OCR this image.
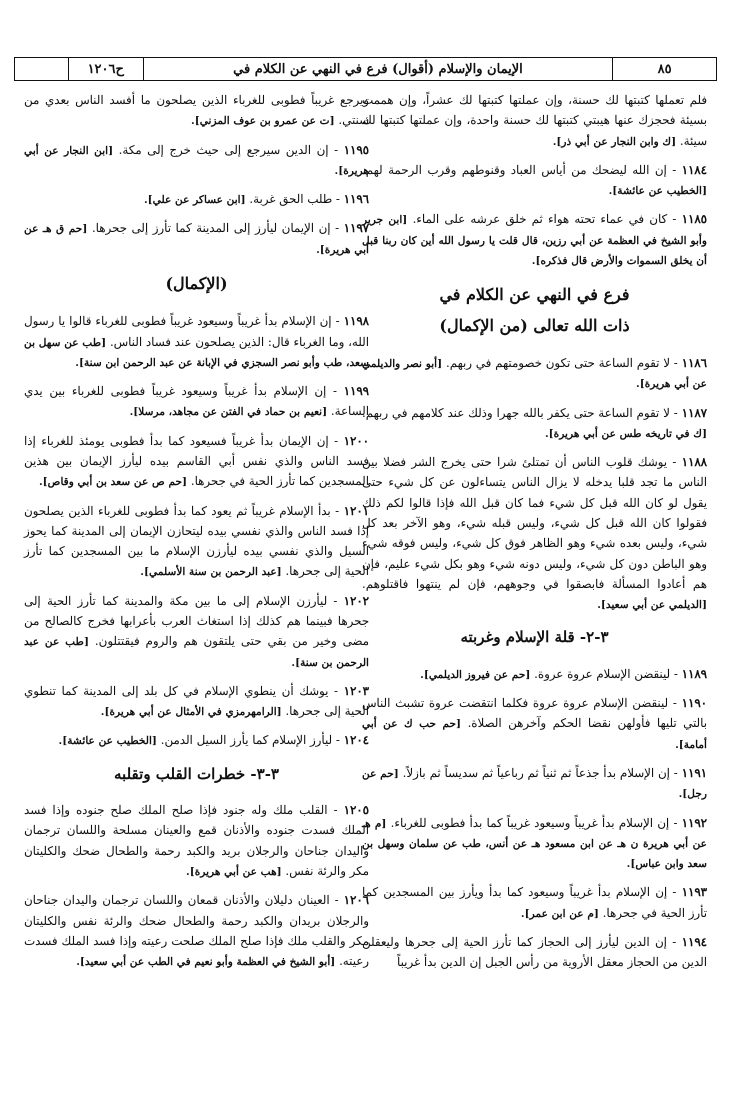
ح١٢٠٦	الإيمان والإسلام (أقوال) فرع في النهي عن الكلام في	٨٥

فلم تعملها كتبتها لك حسنة، وإن عملتها كتبتها لك عشراً، وإن هممت بسيئة فحجزك عنها هيبتي كتبتها لك حسنة واحدة، وإن عملتها كتبتها لك سيئة. [ك وابن النجار عن أبي ذر].

١١٨٤ - إن الله ليضحك من أياس العباد وقنوطهم وقرب الرحمة لهم. [الخطيب عن عائشة].

١١٨٥ - كان في عماء تحته هواء ثم خلق عرشه على الماء. [ابن جرير وأبو الشيخ في العظمة عن أبي رزين، قال قلت يا رسول الله أين كان ربنا قبل أن يخلق السموات والأرض قال فذكره].

فرع في النهي عن الكلام في
ذات الله تعالى (من الإكمال)

١١٨٦ - لا تقوم الساعة حتى تكون خصومتهم في ربهم. [أبو نصر والديلمي عن أبي هريرة].

١١٨٧ - لا تقوم الساعة حتى يكفر بالله جهرا وذلك عند كلامهم في ربهم. [ك في تاريخه طس عن أبي هريرة].

١١٨٨ - يوشك قلوب الناس أن تمتلئ شرا حتى يخرج الشر فضلا بين الناس ما تجد قلبا يدخله لا يزال الناس يتساءلون عن كل شيء حتى يقول لو كان الله قبل كل شيء فما كان قبل الله فإذا قالوا لكم ذلك فقولوا كان الله قبل كل شيء، وليس قبله شيء، وهو الآخر بعد كل شيء، وليس بعده شيء وهو الظاهر فوق كل شيء، وليس فوقه شيء وهو الباطن دون كل شيء، وليس دونه شيء وهو بكل شيء عليم، فإن هم أعادوا المسألة فابصقوا في وجوههم، فإن لم ينتهوا فاقتلوهم. [الديلمي عن أبي سعيد].

٣-٢- قلة الإسلام وغربته

١١٨٩ - لينقضن الإسلام عروة عروة. [حم عن فيروز الديلمي].

١١٩٠ - لينقضن الإسلام عروة عروة فكلما انتقضت عروة تشبث الناس بالتي تليها فأولهن نقضا الحكم وآخرهن الصلاة. [حم حب ك عن أبي أمامة].

١١٩١ - إن الإسلام بدأ جذعاً ثم ثنياً ثم رباعياً ثم سديساً ثم بازلاً. [حم عن رجل].

١١٩٢ - إن الإسلام بدأ غريباً وسيعود غريباً كما بدأ فطوبى للغرباء. [م هـ عن أبي هريرة ن هـ عن ابن مسعود هـ عن أنس، طب عن سلمان وسهل بن سعد وابن عباس].

١١٩٣ - إن الإسلام بدأ غريباً وسيعود كما بدأ ويأرز بين المسجدين كما تأرز الحية في جحرها. [م عن ابن عمر].

١١٩٤ - إن الدين ليأرز إلى الحجاز كما تأرز الحية إلى جحرها وليعقلن الدين من الحجاز معقل الأروية من رأس الجبل إن الدين بدأ غريباً

ويرجع غريباً فطوبى للغرباء الذين يصلحون ما أفسد الناس بعدي من سنتي. [ت عن عمرو بن عوف المزني].

١١٩٥ - إن الدين سيرجع إلى حيث خرج إلى مكة. [ابن النجار عن أبي هريرة].

١١٩٦ - طلب الحق غربة. [ابن عساكر عن علي].

١١٩٧ - إن الإيمان ليأرز إلى المدينة كما تأرز إلى جحرها. [حم ق هـ عن أبي هريرة].

(الإكمال)

١١٩٨ - إن الإسلام بدأ غريباً وسيعود غريباً فطوبى للغرباء قالوا يا رسول الله، وما الغرباء قال: الذين يصلحون عند فساد الناس. [طب عن سهل بن سعد، طب وأبو نصر السجزي في الإبانة عن عبد الرحمن ابن سنة].

١١٩٩ - إن الإسلام بدأ غريباً وسيعود غريباً فطوبى للغرباء بين يدي الساعة. [نعيم بن حماد في الفتن عن مجاهد، مرسلا].

١٢٠٠ - إن الإيمان بدأ غريباً فسيعود كما بدأ فطوبى يومئذ للغرباء إذا فسد الناس والذي نفس أبي القاسم بيده ليأرز الإيمان بين هذين المسجدين كما تأرز الحية في جحرها. [حم ص عن سعد بن أبي وقاص].

١٢٠١ - بدأ الإسلام غريباً ثم يعود كما بدأ فطوبى للغرباء الذين يصلحون إذا فسد الناس والذي نفسي بيده ليتحازن الإيمان إلى المدينة كما يحوز السيل والذي نفسي بيده ليأرزن الإسلام ما بين المسجدين كما تأرز الحية إلى جحرها. [عبد الرحمن بن سنة الأسلمي].

١٢٠٢ - ليأرزن الإسلام إلى ما بين مكة والمدينة كما تأرز الحية إلى جحرها فبينما هم كذلك إذا استغاث العرب بأعرابها فخرج كالصالح من مضى وخير من بقي حتى يلتقون هم والروم فيقتتلون. [طب عن عبد الرحمن بن سنة].

١٢٠٣ - يوشك أن ينطوي الإسلام في كل بلد إلى المدينة كما تنطوي الحية إلى جحرها. [الرامهرمزي في الأمثال عن أبي هريرة].

١٢٠٤ - ليأرز الإسلام كما يأرز السيل الدمن. [الخطيب عن عائشة].

٣-٣- خطرات القلب وتقلبه

١٢٠٥ - القلب ملك وله جنود فإذا صلح الملك صلح جنوده وإذا فسد الملك فسدت جنوده والأذنان قمع والعينان مسلحة واللسان ترجمان واليدان جناحان والرجلان بريد والكبد رحمة والطحال ضحك والكليتان مكر والرئة نفس. [هب عن أبي هريرة].

١٢٠٦ - العينان دليلان والأذنان قمعان واللسان ترجمان واليدان جناحان والرجلان بريدان والكبد رحمة والطحال ضحك والرئة نفس والكليتان مكر والقلب ملك فإذا صلح الملك صلحت رعيته وإذا فسد الملك فسدت رعيته. [أبو الشيخ في العظمة وأبو نعيم في الطب عن أبي سعيد].
